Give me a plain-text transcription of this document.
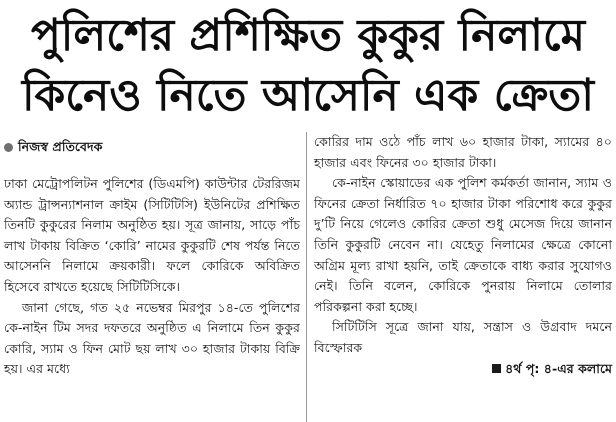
পুলিশের প্রশিক্ষিত কুকুর নিলামে
কিনেও নিতে আসেনি এক ক্রেতা
নিজস্ব প্রতিবেদক

ঢাকা মেট্রোপলিটন পুলিশের (ডিএমপি) কাউন্টার টেররিজম অ্যান্ড ট্রান্সন্যাশনাল ক্রাইম (সিটিটিসি) ইউনিটের প্রশিক্ষিত তিনটি কুকুরের নিলাম অনুষ্ঠিত হয়। সূত্র জানায়, সাড়ে পাঁচ লাখ টাকায় বিক্রিত ‘কোরি’ নামের কুকুরটি শেষ পর্যন্ত নিতে আসেননি নিলামে ক্রয়কারী। ফলে কোরিকে অবিক্রিত হিসেবে রাখতে হয়েছে সিটিটিসিকে।

জানা গেছে, গত ২৫ নভেম্বর মিরপুর ১৪-তে পুলিশের কে-নাইন টিম সদর দফতরে অনুষ্ঠিত এ নিলামে তিন কুকুর কোরি, স্যাম ও ফিন মোট ছয় লাখ ৩০ হাজার টাকায় বিক্রি হয়। এর মধ্যে

কোরির দাম ওঠে পাঁচ লাখ ৬০ হাজার টাকা, স্যামের ৪০ হাজার এবং ফিনের ৩০ হাজার টাকা।

কে-নাইন স্কোয়াডের এক পুলিশ কর্মকর্তা জানান, স্যাম ও ফিনের ক্রেতা নির্ধারিত ৭০ হাজার টাকা পরিশোধ করে কুকুর দু’টি নিয়ে গেলেও কোরির ক্রেতা শুধু মেসেজ দিয়ে জানান তিনি কুকুরটি নেবেন না। যেহেতু নিলামের ক্ষেত্রে কোনো অগ্রিম মূল্য রাখা হয়নি, তাই ক্রেতাকে বাধ্য করার সুযোগও নেই। তিনি বলেন, কোরিকে পুনরায় নিলামে তোলার পরিকল্পনা করা হচ্ছে।

সিটিটিসি সূত্রে জানা যায়, সন্ত্রাস ও উগ্রবাদ দমনে বিস্ফোরক

৪র্থ পৃ: ৪-এর কলামে
